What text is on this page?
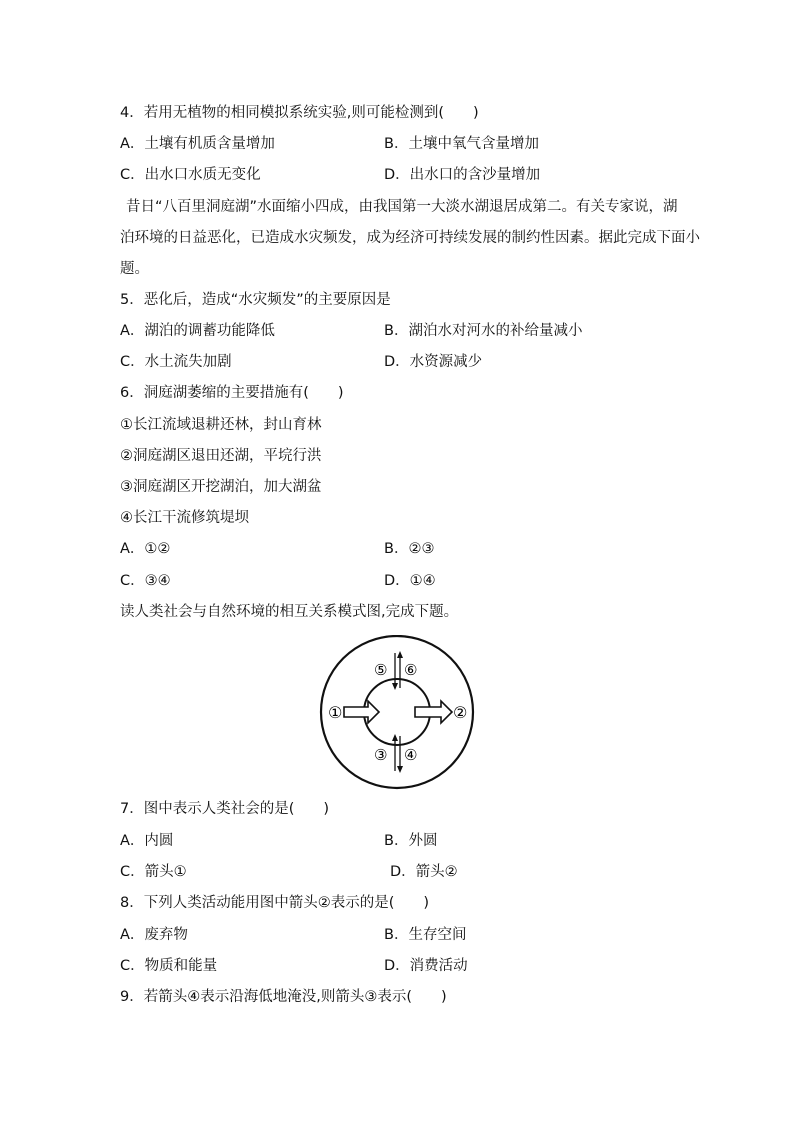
4．若用无植物的相同模拟系统实验,则可能检测到(　　)
A．土壤有机质含量增加	B．土壤中氧气含量增加
C．出水口水质无变化	D．出水口的含沙量增加
昔日“八百里洞庭湖”水面缩小四成，由我国第一大淡水湖退居成第二。有关专家说，湖
泊环境的日益恶化，已造成水灾频发，成为经济可持续发展的制约性因素。据此完成下面小
题。
5．恶化后，造成“水灾频发”的主要原因是
A．湖泊的调蓄功能降低	B．湖泊水对河水的补给量减小
C．水土流失加剧	D．水资源减少
6．洞庭湖萎缩的主要措施有(　　)
①长江流域退耕还林，封山育林
②洞庭湖区退田还湖，平垸行洪
③洞庭湖区开挖湖泊，加大湖盆
④长江干流修筑堤坝
A．①②	B．②③
C．③④	D．①④
读人类社会与自然环境的相互关系模式图,完成下题。
①	②
③ ④
⑤ ⑥
7．图中表示人类社会的是(　　)
A．内圆	B．外圆
C．箭头①	D．箭头②
8．下列人类活动能用图中箭头②表示的是(　　)
A．废弃物	B．生存空间
C．物质和能量	D．消费活动
9．若箭头④表示沿海低地淹没,则箭头③表示(　　)
